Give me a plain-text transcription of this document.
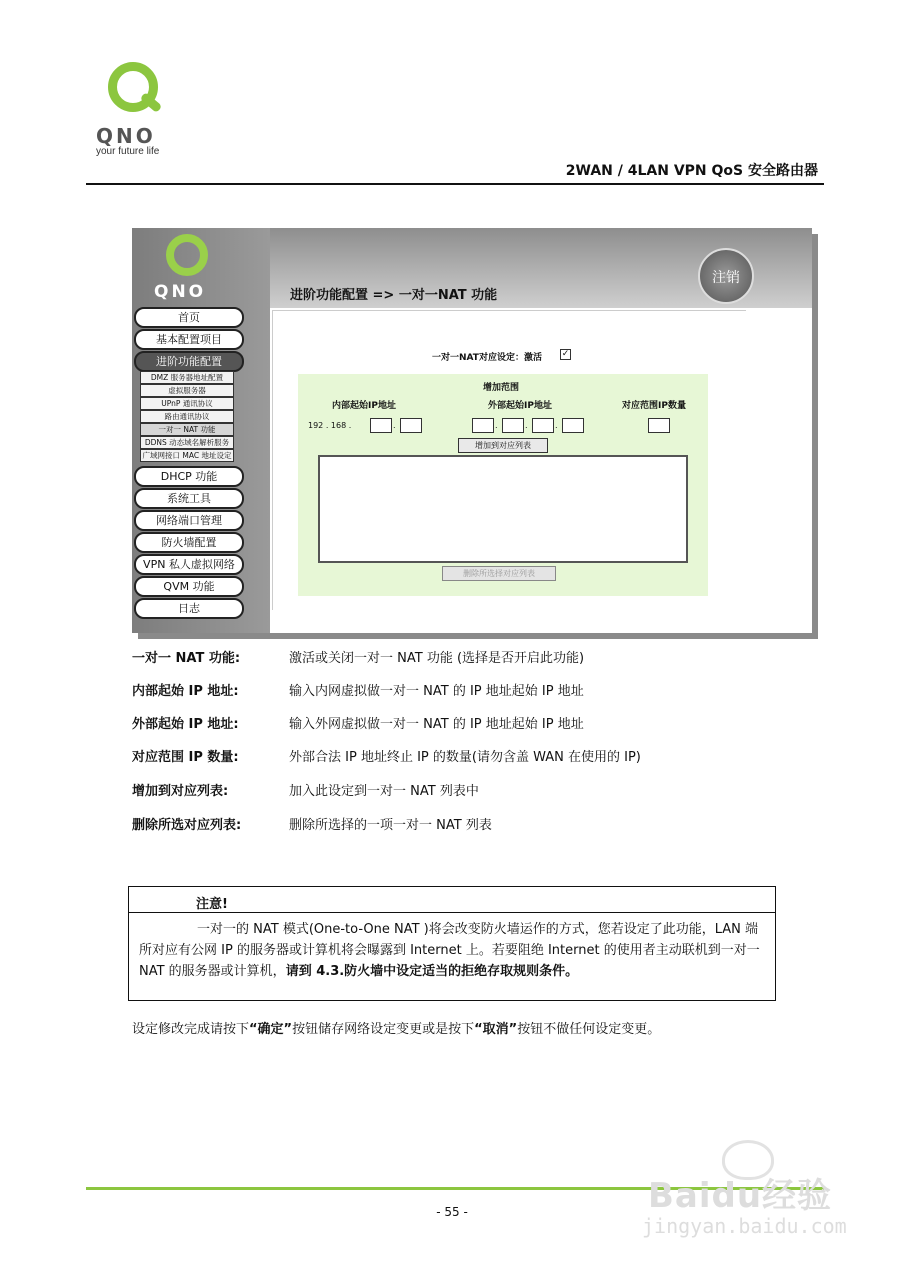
QNO
your future life
2WAN / 4LAN VPN QoS 安全路由器
QNO
注销
进阶功能配置 => 一对一NAT 功能
首页
基本配置项目
进阶功能配置
DMZ 服务器地址配置
虚拟服务器
UPnP 通讯协议
路由通讯协议
一对一 NAT 功能
DDNS 动态域名解析服务
广域网接口 MAC 地址设定
DHCP 功能
系统工具
网络端口管理
防火墙配置
VPN 私人虚拟网络
QVM 功能
日志
一对一NAT对应设定：激活 ✓
增加范围
内部起始IP地址	外部起始IP地址	对应范围IP数量
192 . 168 .	.	.	.	.
增加到对应列表
删除所选择对应列表
一对一 NAT 功能:	激活或关闭一对一 NAT 功能 (选择是否开启此功能)
内部起始 IP 地址:	输入内网虚拟做一对一 NAT 的 IP 地址起始 IP 地址
外部起始 IP 地址:	输入外网虚拟做一对一 NAT 的 IP 地址起始 IP 地址
对应范围 IP 数量:	外部合法 IP 地址终止 IP 的数量(请勿含盖 WAN 在使用的 IP)
增加到对应列表:	加入此设定到一对一 NAT 列表中
删除所选对应列表:	删除所选择的一项一对一 NAT 列表
注意!
一对一的 NAT 模式(One-to-One NAT )将会改变防火墙运作的方式，您若设定了此功能，LAN 端所对应有公网 IP 的服务器或计算机将会曝露到 Internet 上。若要阻绝 Internet 的使用者主动联机到一对一 NAT 的服务器或计算机，请到 4.3.防火墙中设定适当的拒绝存取规则条件。
设定修改完成请按下“确定”按钮储存网络设定变更或是按下“取消”按钮不做任何设定变更。
Baidu经验
jingyan.baidu.com
- 55 -
